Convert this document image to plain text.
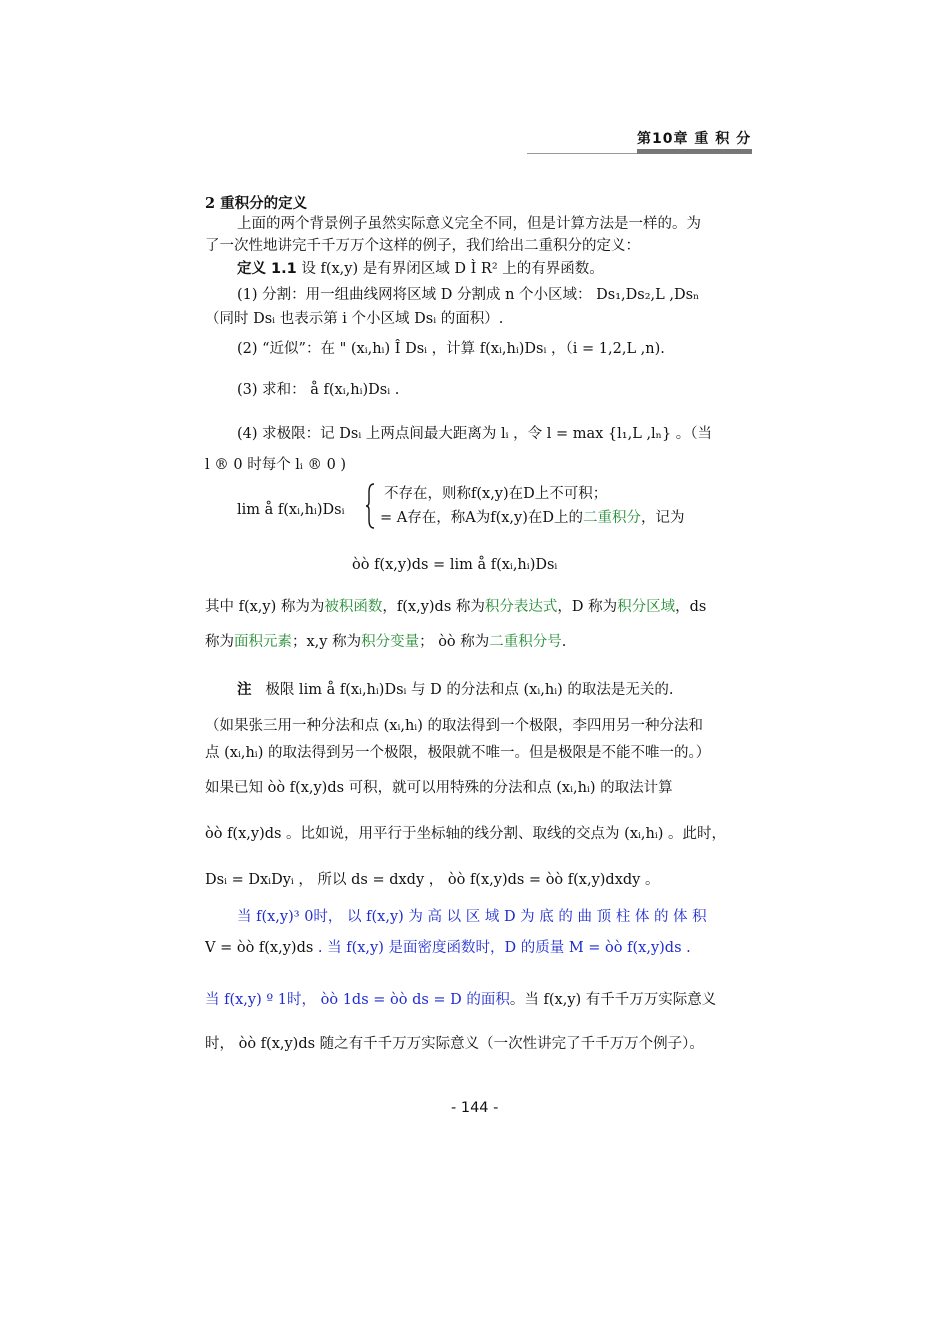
第10章 重 积 分
2 重积分的定义
上面的两个背景例子虽然实际意义完全不同，但是计算方法是一样的。为
了一次性地讲完千千万万个这样的例子，我们给出二重积分的定义：
定义 1.1 设 f(x,y) 是有界闭区域 D Ì R² 上的有界函数。
(1) 分割：用一组曲线网将区域 D 分割成 n 个小区域： Ds₁,Ds₂,L ,Dsₙ
（同时 Dsᵢ 也表示第 i 个小区域 Dsᵢ 的面积）.
(2) “近似”：在 " (xᵢ,hᵢ) Î Dsᵢ ，计算 f(xᵢ,hᵢ)Dsᵢ ，（i = 1,2,L ,n).
(3) 求和： å f(xᵢ,hᵢ)Dsᵢ .
(4) 求极限：记 Dsᵢ 上两点间最大距离为 lᵢ ，令 l = max {l₁,L ,lₙ} 。（当
l ® 0 时每个 lᵢ ® 0 )
lim å f(xᵢ,hᵢ)Dsᵢ
不存在，则称f(x,y)在D上不可积；
= A存在，称A为f(x,y)在D上的二重积分，记为
òò f(x,y)ds = lim å f(xᵢ,hᵢ)Dsᵢ
其中 f(x,y) 称为为被积函数，f(x,y)ds 称为积分表达式，D 称为积分区域，ds
称为面积元素；x,y 称为积分变量； òò 称为二重积分号.
注 极限 lim å f(xᵢ,hᵢ)Dsᵢ 与 D 的分法和点 (xᵢ,hᵢ) 的取法是无关的.
（如果张三用一种分法和点 (xᵢ,hᵢ) 的取法得到一个极限，李四用另一种分法和
点 (xᵢ,hᵢ) 的取法得到另一个极限，极限就不唯一。但是极限是不能不唯一的。）
如果已知 òò f(x,y)ds 可积，就可以用特殊的分法和点 (xᵢ,hᵢ) 的取法计算
òò f(x,y)ds 。比如说，用平行于坐标轴的线分割、取线的交点为 (xᵢ,hᵢ) 。此时，
Dsᵢ = DxᵢDyᵢ ， 所以 ds = dxdy ， òò f(x,y)ds = òò f(x,y)dxdy 。
当 f(x,y)³ 0时， 以 f(x,y) 为 高 以 区 域 D 为 底 的 曲 顶 柱 体 的 体 积
V = òò f(x,y)ds . 当 f(x,y) 是面密度函数时，D 的质量 M = òò f(x,y)ds .
当 f(x,y) º 1时， òò 1ds = òò ds = D 的面积。当 f(x,y) 有千千万万实际意义
时， òò f(x,y)ds 随之有千千万万实际意义（一次性讲完了千千万万个例子）。
- 144 -
